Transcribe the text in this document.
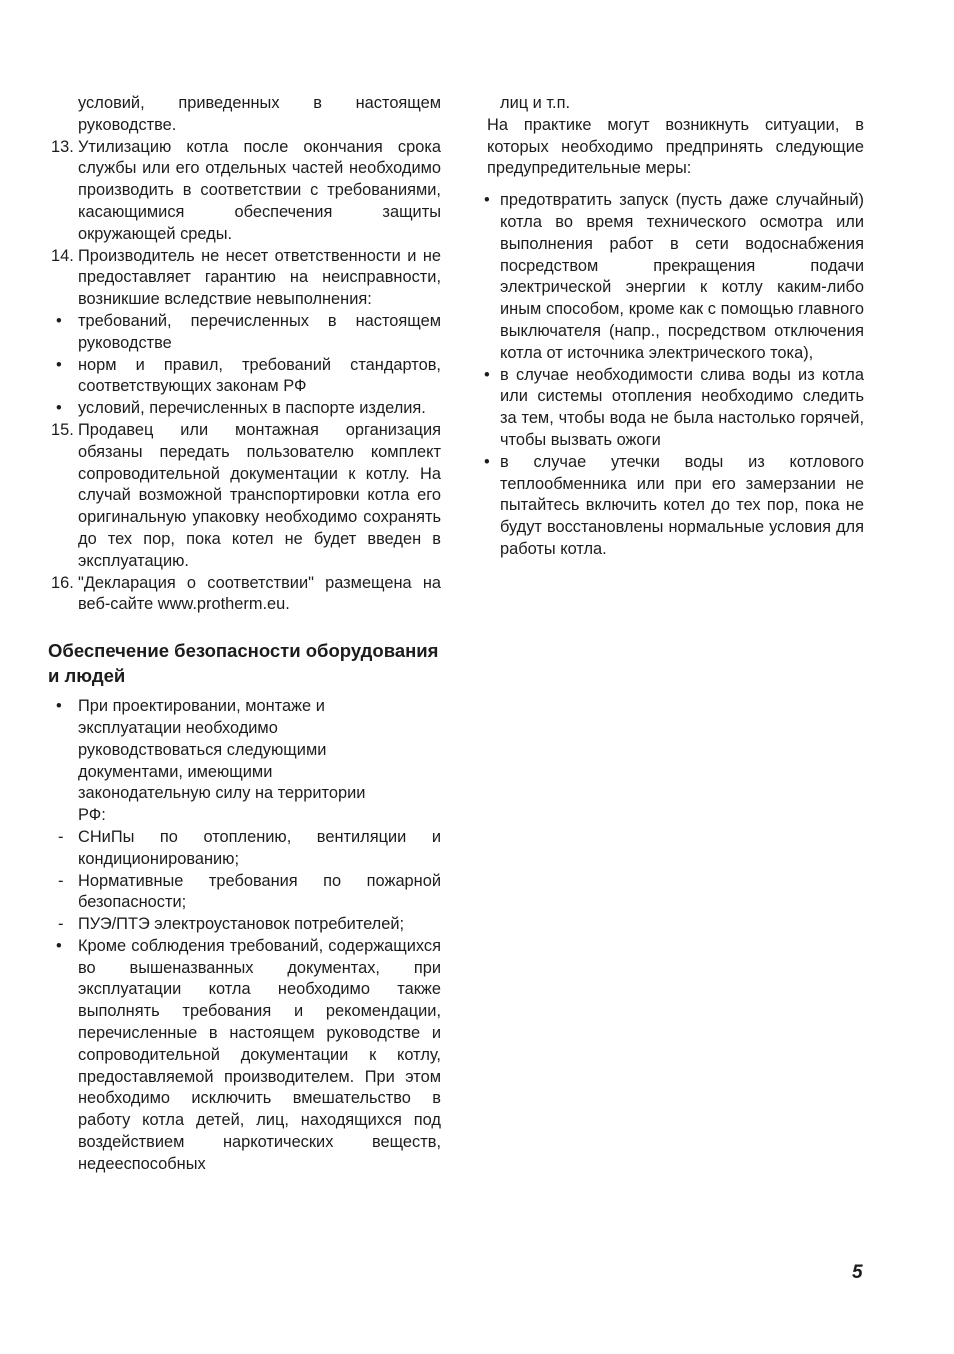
условий, приведенных в настоящем руководстве.
13. Утилизацию котла после окончания срока службы или его отдельных частей необходимо производить в соответствии с требованиями, касающимися обеспечения защиты окружающей среды.
14. Производитель не несет ответственности и не предоставляет гарантию на неисправности, возникшие вследствие невыполнения:
• требований, перечисленных в настоящем руководстве
• норм и правил, требований стандартов, соответствующих законам РФ
• условий, перечисленных в паспорте изделия.
15. Продавец или монтажная организация обязаны передать пользователю комплект сопроводительной документации к котлу. На случай возможной транспортировки котла его оригинальную упаковку необходимо сохранять до тех пор, пока котел не будет введен в эксплуатацию.
16. "Декларация о соответствии" размещена на веб-сайте www.protherm.eu.
Обеспечение безопасности оборудования и людей
• При проектировании, монтаже и эксплуатации необходимо руководствоваться следующими документами, имеющими законодательную силу на территории РФ:
- СНиПы по отоплению, вентиляции и кондиционированию;
- Нормативные требования по пожарной безопасности;
- ПУЭ/ПТЭ электроустановок потребителей;
• Кроме соблюдения требований, содержащихся во вышеназванных документах, при эксплуатации котла необходимо также выполнять требования и рекомендации, перечисленные в настоящем руководстве и сопроводительной документации к котлу, предоставляемой производителем. При этом необходимо исключить вмешательство в работу котла детей, лиц, находящихся под воздействием наркотических веществ, недееспособных
лиц и т.п.
На практике могут возникнуть ситуации, в которых необходимо предпринять следующие предупредительные меры:
• предотвратить запуск (пусть даже случайный) котла во время технического осмотра или выполнения работ в сети водоснабжения посредством прекращения подачи электрической энергии к котлу каким-либо иным способом, кроме как с помощью главного выключателя (напр., посредством отключения котла от источника электрического тока),
• в случае необходимости слива воды из котла или системы отопления необходимо следить за тем, чтобы вода не была настолько горячей, чтобы вызвать ожоги
• в случае утечки воды из котлового теплообменника или при его замерзании не пытайтесь включить котел до тех пор, пока не будут восстановлены нормальные условия для работы котла.
5
